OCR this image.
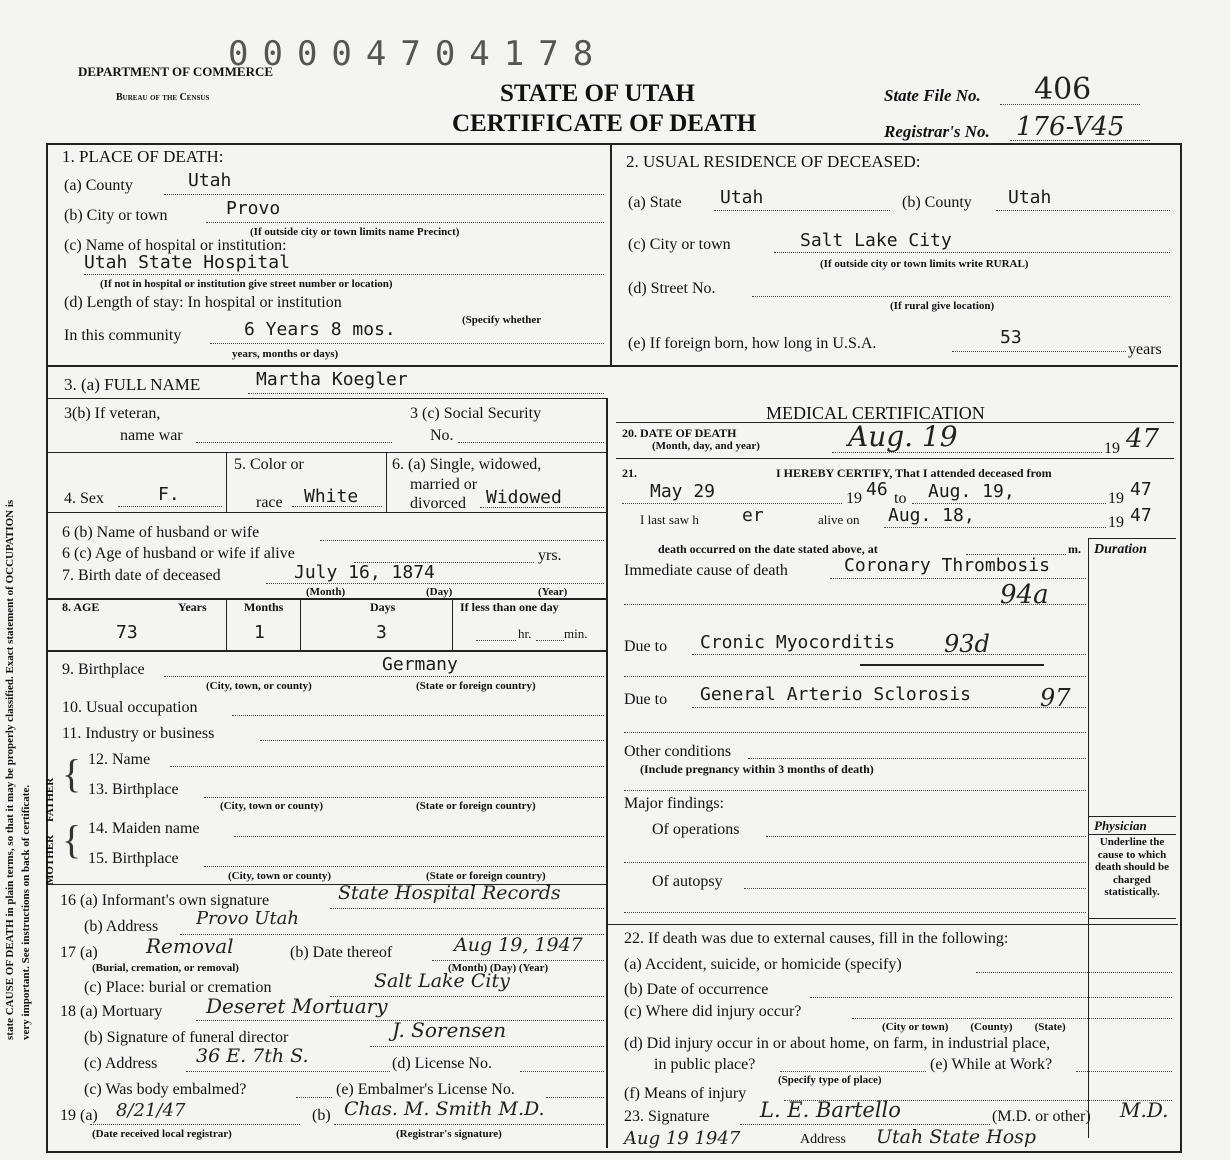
state CAUSE OF DEATH in plain terms, so that it may be properly classified. Exact statement of OCCUPATION is very important. See instructions on back of certificate.
000047041​78
DEPARTMENT OF COMMERCE
Bureau of the Census	STATE OF UTAH
CERTIFICATE OF DEATH
State File No. 406
Registrar's No. 176-V45
1. PLACE OF DEATH:
(a) County	Utah
(b) City or town	Provo
(If outside city or town limits name Precinct)
(c) Name of hospital or institution:
Utah State Hospital
(If not in hospital or institution give street number or location)
(d) Length of stay: In hospital or institution
(Specify whether
In this community	6 Years 8 mos.
years, months or days)
2. USUAL RESIDENCE OF DECEASED:
(a) State Utah	(b) County Utah
(c) City or town	Salt Lake City
(If outside city or town limits write RURAL)
(d) Street No.
(If rural give location)
(e) If foreign born, how long in U.S.A.	53
years
3. (a) FULL NAME	Martha Koegler
3(b) If veteran,
name war
3 (c) Social Security
No.
4. Sex	F.
5. Color or
race White
6. (a) Single, widowed,
married or
divorced Widowed
6 (b) Name of husband or wife
6 (c) Age of husband or wife if alive	yrs.
7. Birth date of deceased	July 16, 1874
(Month)	(Day)	(Year)
8. AGE	Years	Months	Days	If less than one day
73	1	3	hr.	min.
9. Birthplace	Germany
(City, town, or county)	(State or foreign country)
10. Usual occupation
11. Industry or business
FATHER
MOTHER
{
{
12. Name
13. Birthplace
(City, town or county)	(State or foreign country)
14. Maiden name
15. Birthplace
(City, town or county)	(State or foreign country)
16 (a) Informant's own signature	State Hospital Records
(b) Address Provo Utah
17 (a) Removal	(b) Date thereof	Aug 19, 1947
(Burial, cremation, or removal)	(Month) (Day) (Year)
(c) Place: burial or cremation	Salt Lake City
18 (a) Mortuary Deseret Mortuary
(b) Signature of funeral director	J. Sorensen
(c) Address 36 E. 7th S.	(d) License No.
(c) Was body embalmed?	(e) Embalmer's License No.
19 (a) 8/21/47	(b) Chas. M. Smith M.D.
(Date received local registrar)	(Registrar's signature)
MEDICAL CERTIFICATION
20. DATE OF DEATH
(Month, day, and year)	Aug. 19	19 47
21.	I HEREBY CERTIFY, That I attended deceased from
May 29	19 46 to Aug. 19,	19 47
I last saw h er	alive on Aug. 18,	19 47
death occurred on the date stated above, at	m. Duration
Immediate cause of death	Coronary Thrombosis
94a
Due to Cronic Myocorditis 93d
Due to General Arterio Sclorosis	97
Other conditions
(Include pregnancy within 3 months of death)
Major findings:
Of operations
Of autopsy
Physician
Underline the cause to which death should be charged statistically.
22. If death was due to external causes, fill in the following:
(a) Accident, suicide, or homicide (specify)
(b) Date of occurrence
(c) Where did injury occur?
(City or town)        (County)        (State)
(d) Did injury occur in or about home, on farm, in industrial place,
in public place?	(e) While at Work?
(Specify type of place)
(f) Means of injury
23. Signature L. E. Bartello	(M.D. or other) M.D.
Aug 19 1947	Address Utah State Hosp
